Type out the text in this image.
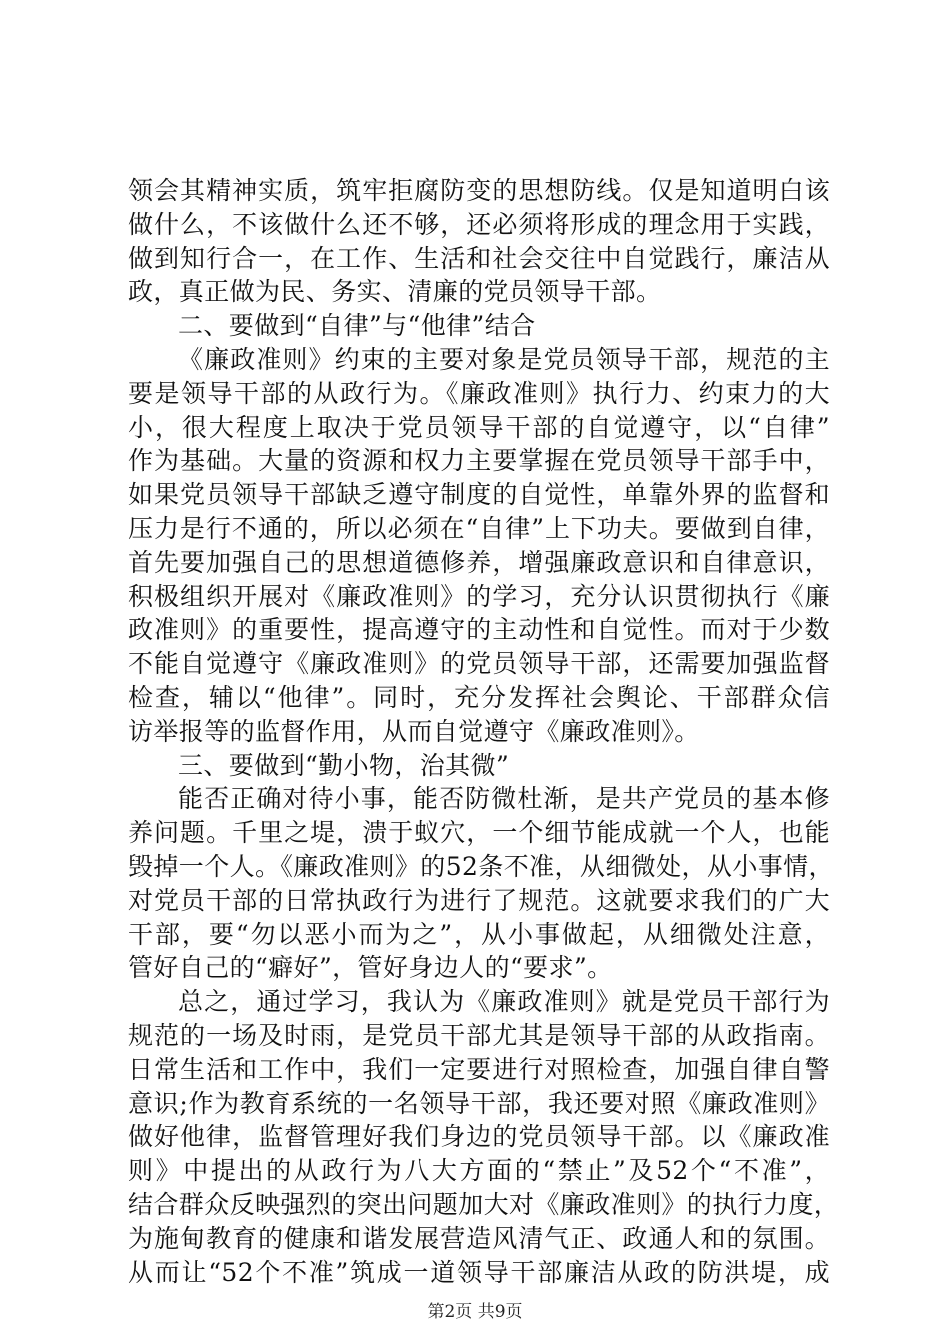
领会其精神实质，筑牢拒腐防变的思想防线。仅是知道明白该
做什么，不该做什么还不够，还必须将形成的理念用于实践，
做到知行合一，在工作、生活和社会交往中自觉践行，廉洁从
政，真正做为民、务实、清廉的党员领导干部。
二、要做到“自律”与“他律”结合
《廉政准则》约束的主要对象是党员领导干部，规范的主
要是领导干部的从政行为。《廉政准则》执行力、约束力的大
小，很大程度上取决于党员领导干部的自觉遵守，以“自律”
作为基础。大量的资源和权力主要掌握在党员领导干部手中，
如果党员领导干部缺乏遵守制度的自觉性，单靠外界的监督和
压力是行不通的，所以必须在“自律”上下功夫。要做到自律，
首先要加强自己的思想道德修养，增强廉政意识和自律意识，
积极组织开展对《廉政准则》的学习，充分认识贯彻执行《廉
政准则》的重要性，提高遵守的主动性和自觉性。而对于少数
不能自觉遵守《廉政准则》的党员领导干部，还需要加强监督
检查，辅以“他律”。同时，充分发挥社会舆论、干部群众信
访举报等的监督作用，从而自觉遵守《廉政准则》。
三、要做到“勤小物，治其微”
能否正确对待小事，能否防微杜渐，是共产党员的基本修
养问题。千里之堤，溃于蚁穴，一个细节能成就一个人，也能
毁掉一个人。《廉政准则》的52条不准，从细微处，从小事情，
对党员干部的日常执政行为进行了规范。这就要求我们的广大
干部，要“勿以恶小而为之”，从小事做起，从细微处注意，
管好自己的“癖好”，管好身边人的“要求”。
总之，通过学习，我认为《廉政准则》就是党员干部行为
规范的一场及时雨，是党员干部尤其是领导干部的从政指南。
日常生活和工作中，我们一定要进行对照检查，加强自律自警
意识;作为教育系统的一名领导干部，我还要对照《廉政准则》
做好他律，监督管理好我们身边的党员领导干部。以《廉政准
则》中提出的从政行为八大方面的“禁止”及52个“不准”，
结合群众反映强烈的突出问题加大对《廉政准则》的执行力度，
为施甸教育的健康和谐发展营造风清气正、政通人和的氛围。
从而让“52个不准”筑成一道领导干部廉洁从政的防洪堤，成
第2页 共9页
